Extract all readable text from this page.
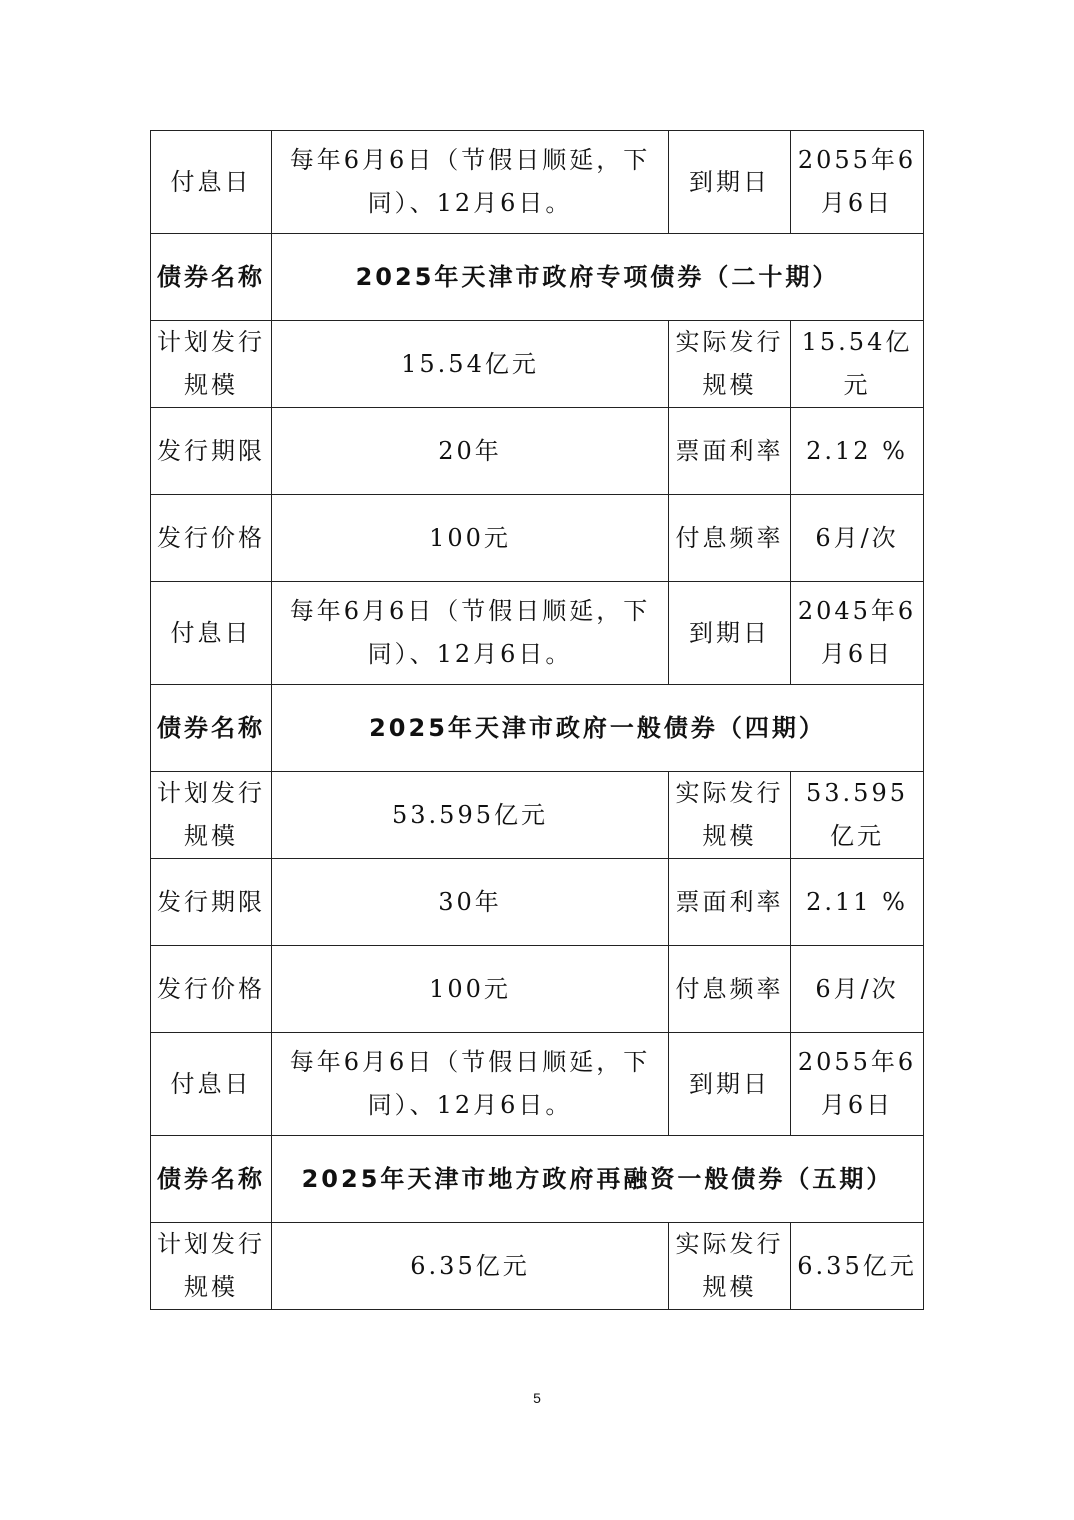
付息日	每年6月6日（节假日顺延，下同）、12月6日。	到期日	2055年6月6日
债券名称	2025年天津市政府专项债券（二十期）		
计划发行规模	15.54亿元	实际发行规模	15.54亿元
发行期限	20年	票面利率	2.12 %
发行价格	100元	付息频率	6月/次
付息日	每年6月6日（节假日顺延，下同）、12月6日。	到期日	2045年6月6日
债券名称	2025年天津市政府一般债券（四期）		
计划发行规模	53.595亿元	实际发行规模	53.595亿元
发行期限	30年	票面利率	2.11 %
发行价格	100元	付息频率	6月/次
付息日	每年6月6日（节假日顺延，下同）、12月6日。	到期日	2055年6月6日
债券名称	2025年天津市地方政府再融资一般债券（五期）		
计划发行规模	6.35亿元	实际发行规模	6.35亿元
5
